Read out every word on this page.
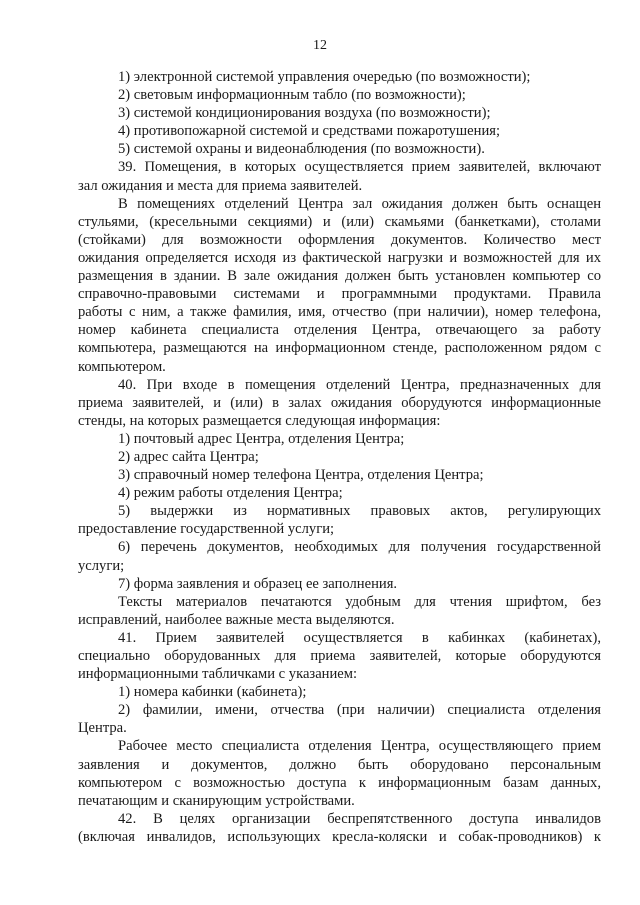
12
1) электронной системой управления очередью (по возможности);
2) световым информационным табло (по возможности);
3) системой кондиционирования воздуха (по возможности);
4) противопожарной системой и средствами пожаротушения;
5) системой охраны и видеонаблюдения (по возможности).
39. Помещения, в которых осуществляется прием заявителей, включают
зал ожидания и места для приема заявителей.
В помещениях отделений Центра зал ожидания должен быть оснащен
стульями, (кресельными секциями) и (или) скамьями (банкетками), столами
(стойками) для возможности оформления документов. Количество мест
ожидания определяется исходя из фактической нагрузки и возможностей для их
размещения в здании. В зале ожидания должен быть установлен компьютер со
справочно-правовыми системами и программными продуктами. Правила
работы с ним, а также фамилия, имя, отчество (при наличии), номер телефона,
номер кабинета специалиста отделения Центра, отвечающего за работу
компьютера, размещаются на информационном стенде, расположенном рядом с
компьютером.
40. При входе в помещения отделений Центра, предназначенных для
приема заявителей, и (или) в залах ожидания оборудуются информационные
стенды, на которых размещается следующая информация:
1) почтовый адрес Центра, отделения Центра;
2) адрес сайта Центра;
3) справочный номер телефона Центра, отделения Центра;
4) режим работы отделения Центра;
5) выдержки из нормативных правовых актов, регулирующих
предоставление государственной услуги;
6) перечень документов, необходимых для получения государственной
услуги;
7) форма заявления и образец ее заполнения.
Тексты материалов печатаются удобным для чтения шрифтом, без
исправлений, наиболее важные места выделяются.
41. Прием заявителей осуществляется в кабинках (кабинетах),
специально оборудованных для приема заявителей, которые оборудуются
информационными табличками с указанием:
1) номера кабинки (кабинета);
2) фамилии, имени, отчества (при наличии) специалиста отделения
Центра.
Рабочее место специалиста отделения Центра, осуществляющего прием
заявления и документов, должно быть оборудовано персональным
компьютером с возможностью доступа к информационным базам данных,
печатающим и сканирующим устройствами.
42. В целях организации беспрепятственного доступа инвалидов
(включая инвалидов, использующих кресла-коляски и собак-проводников) к
